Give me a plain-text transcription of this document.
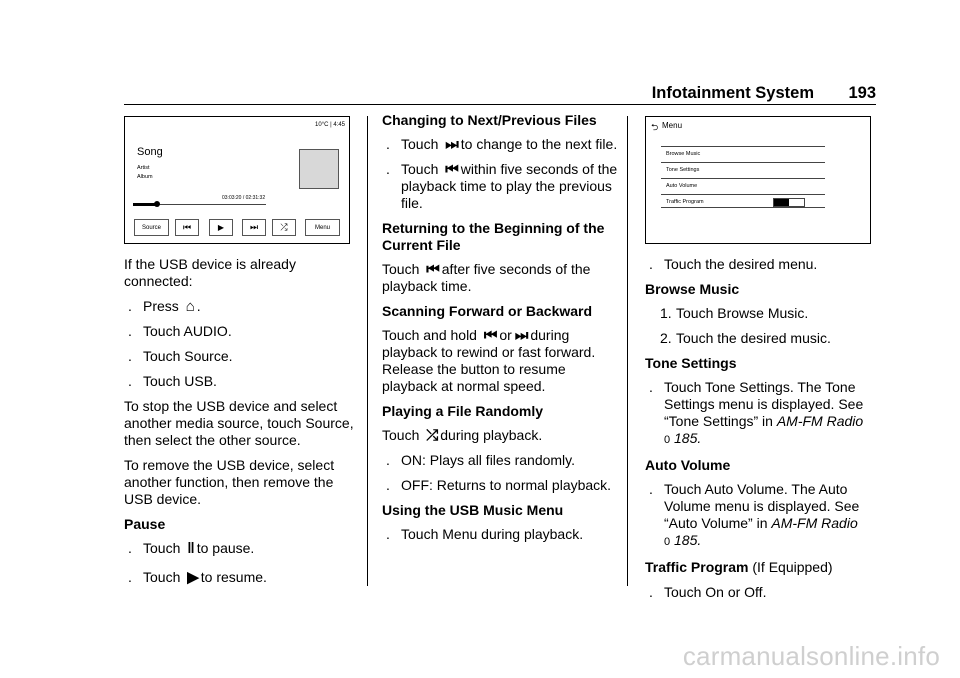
Infotainment System 193
10°C | 4:45
Song
Artist
Album
03:03:20 / 02:31:32
Source	⏮	▶	⏭	⤮	Menu

If the USB device is already connected:

. Press ⌂ .
. Touch AUDIO.
. Touch Source.
. Touch USB.

To stop the USB device and select another media source, touch Source, then select the other source.

To remove the USB device, select another function, then remove the USB device.

Pause

. Touch ‖ to pause.
. Touch ▶ to resume.

Changing to Next/Previous Files

. Touch ⏭ to change to the next file.
. Touch ⏮ within five seconds of the playback time to play the previous file.

Returning to the Beginning of the Current File

Touch ⏮ after five seconds of the playback time.

Scanning Forward or Backward

Touch and hold ⏮ or ⏭ during playback to rewind or fast forward. Release the button to resume playback at normal speed.

Playing a File Randomly

Touch ⤮ during playback.

. ON: Plays all files randomly.
. OFF: Returns to normal playback.

Using the USB Music Menu

. Touch Menu during playback.
⮌ Menu
Browse Music
Tone Settings
Auto Volume
Traffic Program
. Touch the desired menu.

Browse Music

1. Touch Browse Music.
2. Touch the desired music.

Tone Settings

. Touch Tone Settings. The Tone Settings menu is displayed. See “Tone Settings” in AM-FM Radio
0 185.

Auto Volume

. Touch Auto Volume. The Auto Volume menu is displayed. See “Auto Volume” in AM-FM Radio
0 185.

Traffic Program (If Equipped)

. Touch On or Off.
carmanualsonline.info
